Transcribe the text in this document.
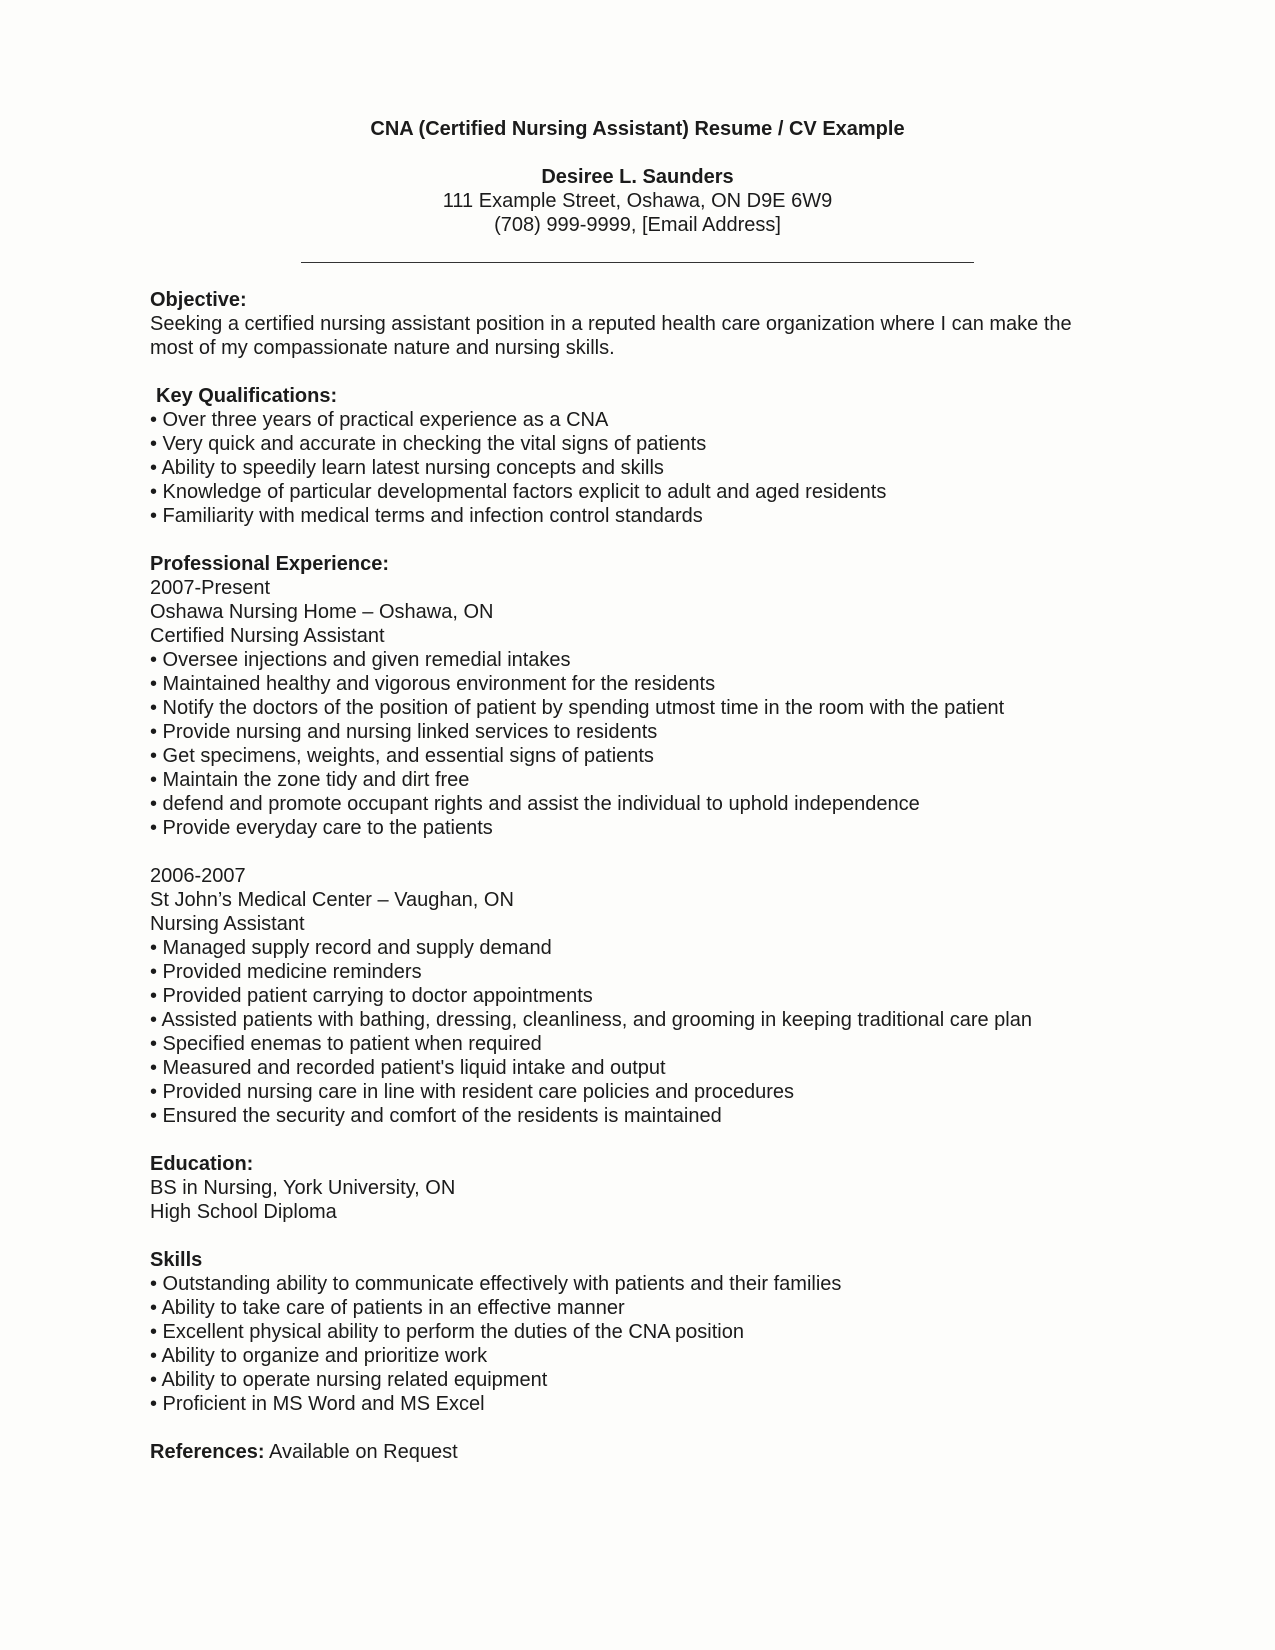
CNA (Certified Nursing Assistant) Resume / CV Example
Desiree L. Saunders
111 Example Street, Oshawa, ON D9E 6W9
(708) 999-9999, [Email Address]
Objective:

Seeking a certified nursing assistant position in a reputed health care organization where I can make the

most of my compassionate nature and nursing skills.

Key Qualifications:

• Over three years of practical experience as a CNA

• Very quick and accurate in checking the vital signs of patients

• Ability to speedily learn latest nursing concepts and skills

• Knowledge of particular developmental factors explicit to adult and aged residents

• Familiarity with medical terms and infection control standards

Professional Experience:

2007-Present

Oshawa Nursing Home – Oshawa, ON

Certified Nursing Assistant

• Oversee injections and given remedial intakes

• Maintained healthy and vigorous environment for the residents

• Notify the doctors of the position of patient by spending utmost time in the room with the patient

• Provide nursing and nursing linked services to residents

• Get specimens, weights, and essential signs of patients

• Maintain the zone tidy and dirt free

• defend and promote occupant rights and assist the individual to uphold independence

• Provide everyday care to the patients

2006-2007

St John’s Medical Center – Vaughan, ON

Nursing Assistant

• Managed supply record and supply demand

• Provided medicine reminders

• Provided patient carrying to doctor appointments

• Assisted patients with bathing, dressing, cleanliness, and grooming in keeping traditional care plan

• Specified enemas to patient when required

• Measured and recorded patient's liquid intake and output

• Provided nursing care in line with resident care policies and procedures

• Ensured the security and comfort of the residents is maintained

Education:

BS in Nursing, York University, ON

High School Diploma

Skills

• Outstanding ability to communicate effectively with patients and their families

• Ability to take care of patients in an effective manner

• Excellent physical ability to perform the duties of the CNA position

• Ability to organize and prioritize work

• Ability to operate nursing related equipment

• Proficient in MS Word and MS Excel

References: Available on Request
